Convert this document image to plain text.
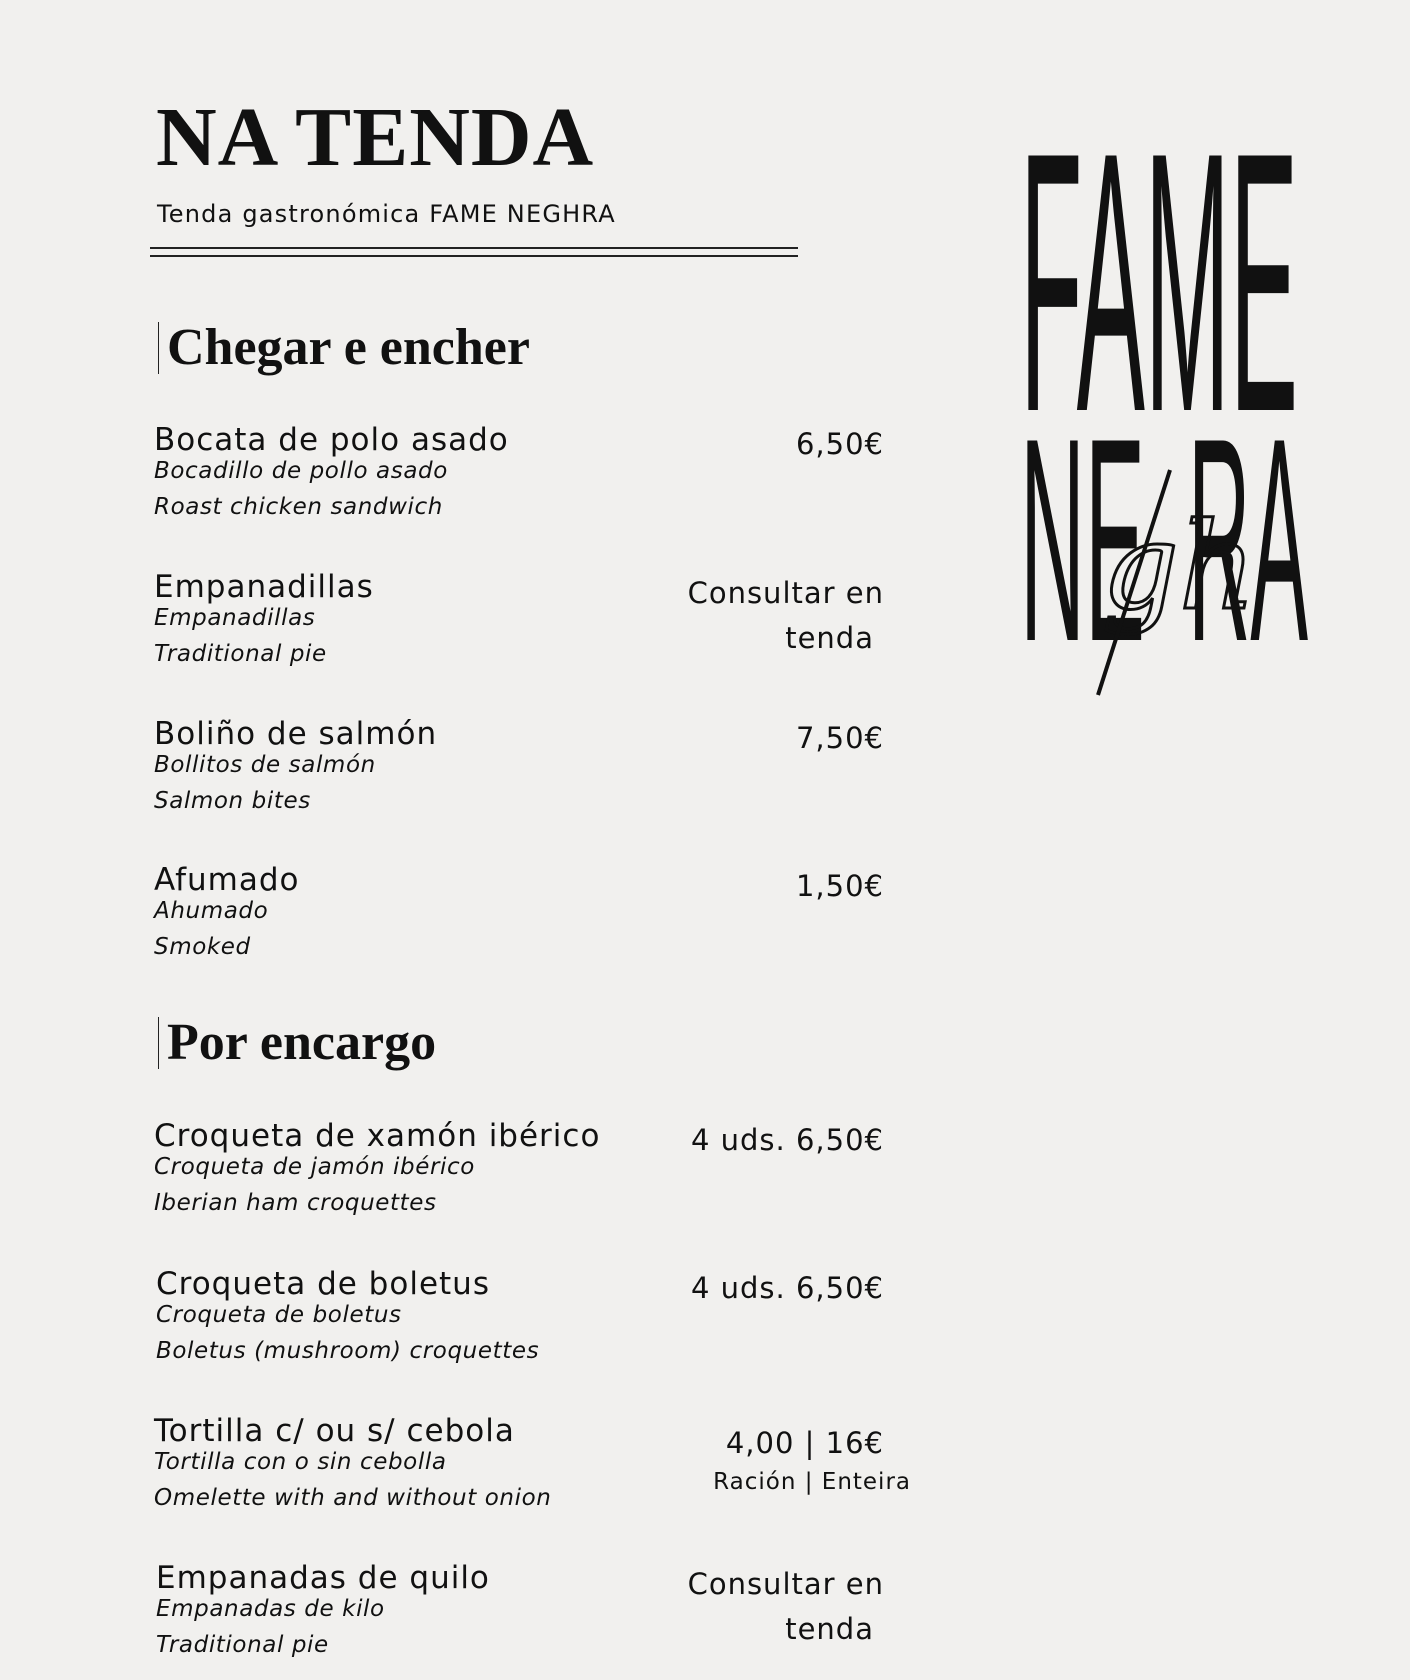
NA TENDA
Tenda gastronómica FAME NEGHRA
Chegar e encher
Bocata de polo asado
Bocadillo de pollo asado
Roast chicken sandwich
6,50€
Empanadillas
Empanadillas
Traditional pie
Consultar en
tenda
Boliño de salmón
Bollitos de salmón
Salmon bites
7,50€
Afumado
Ahumado
Smoked
1,50€
Por encargo
Croqueta de xamón ibérico
Croqueta de jamón ibérico
Iberian ham croquettes
4 uds. 6,50€
Croqueta de boletus
Croqueta de boletus
Boletus (mushroom) croquettes
4 uds. 6,50€
Tortilla c/ ou s/ cebola
Tortilla con o sin cebolla
Omelette with and without onion
4,00 | 16€
Ración | Enteira
Empanadas de quilo
Empanadas de kilo
Traditional pie
Consultar en
tenda
FAME
NE RA
gh
